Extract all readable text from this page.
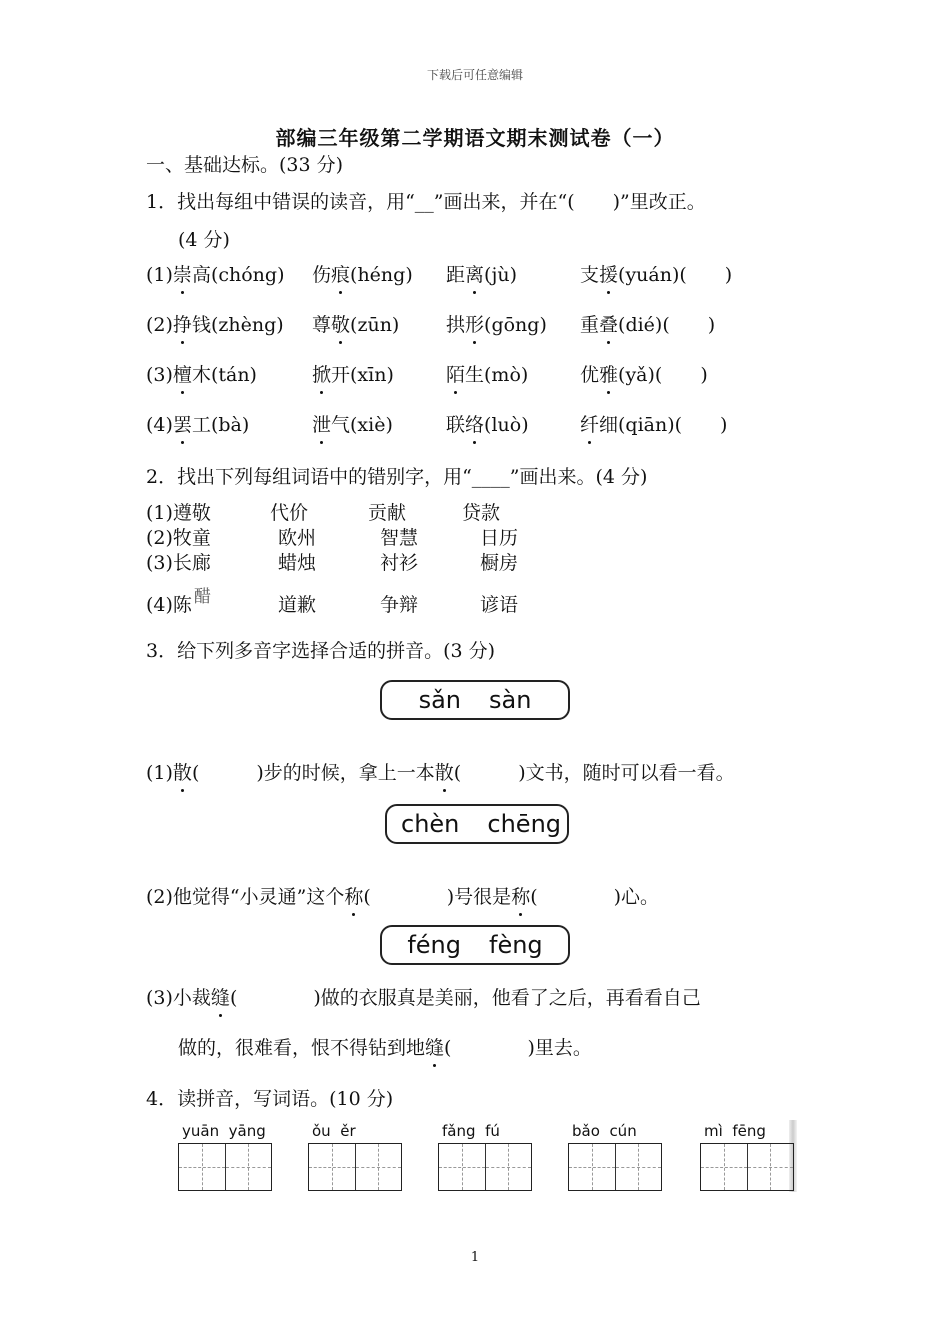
下载后可任意编辑
部编三年级第二学期语文期末测试卷（一）
一、基础达标。(33 分)
1．找出每组中错误的读音，用“__”画出来，并在“(　　)”里改正。
(4 分)
2．找出下列每组词语中的错别字，用“____”画出来。(4 分)
醋
3．给下列多音字选择合适的拼音。(3 分)
sǎn sàn
(1)散(　　　)步的时候，拿上一本散(　　　)文书，随时可以看一看。
chèn chēng
(2)他觉得“小灵通”这个称(　　　　)号很是称(　　　　)心。
féng fèng
(3)小裁缝(　　　　)做的衣服真是美丽，他看了之后，再看看自己
做的，很难看，恨不得钻到地缝(　　　　)里去。
4．读拼音，写词语。(10 分)
1
(1)崇高(chóng) 伤痕(héng) 距离(jù)	支援(yuán)(　　)
(2)挣钱(zhèng) 尊敬(zūn) 拱形(gōng) 重叠(dié)(　　)
(3)檀木(tán)	掀开(xīn)	陌生(mò)	优雅(yǎ)(　　)
(4)罢工(bà)	泄气(xiè)	联络(luò)	纤细(qiān)(　　)
(1)遵敬	代价	贡献	贷款
(2)牧童	欧州	智慧	日历
(3)长廊	蜡烛	衬衫	橱房
(4)陈	道歉	争辩	谚语
yuān yāng	ǒu ěr	fǎng fú	bǎo cún	mì fēng
